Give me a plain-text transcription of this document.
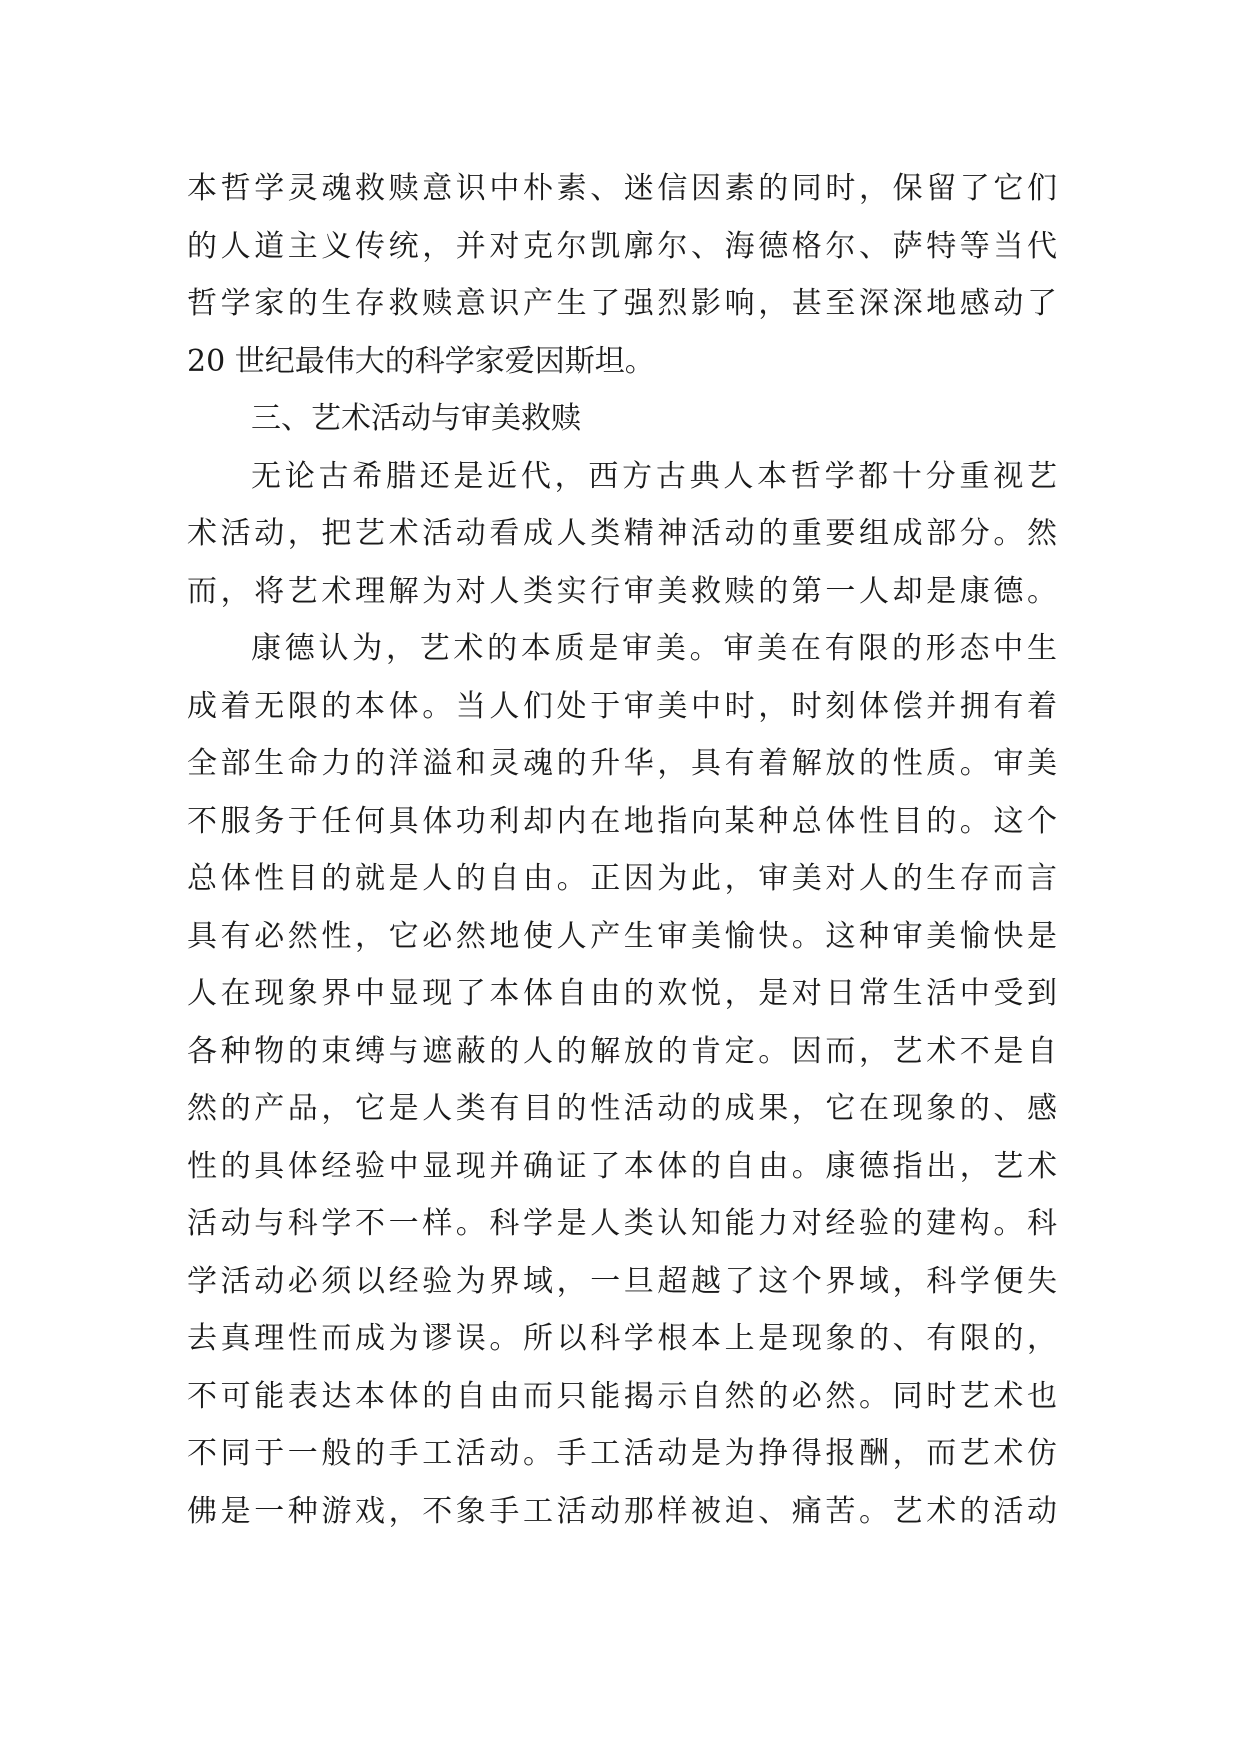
本哲学灵魂救赎意识中朴素、迷信因素的同时，保留了它们
的人道主义传统，并对克尔凯廓尔、海德格尔、萨特等当代
哲学家的生存救赎意识产生了强烈影响，甚至深深地感动了
20 世纪最伟大的科学家爱因斯坦。
三、艺术活动与审美救赎
无论古希腊还是近代，西方古典人本哲学都十分重视艺
术活动，把艺术活动看成人类精神活动的重要组成部分。然
而，将艺术理解为对人类实行审美救赎的第一人却是康德。
康德认为，艺术的本质是审美。审美在有限的形态中生
成着无限的本体。当人们处于审美中时，时刻体偿并拥有着
全部生命力的洋溢和灵魂的升华，具有着解放的性质。审美
不服务于任何具体功利却内在地指向某种总体性目的。这个
总体性目的就是人的自由。正因为此，审美对人的生存而言
具有必然性，它必然地使人产生审美愉快。这种审美愉快是
人在现象界中显现了本体自由的欢悦，是对日常生活中受到
各种物的束缚与遮蔽的人的解放的肯定。因而，艺术不是自
然的产品，它是人类有目的性活动的成果，它在现象的、感
性的具体经验中显现并确证了本体的自由。康德指出，艺术
活动与科学不一样。科学是人类认知能力对经验的建构。科
学活动必须以经验为界域，一旦超越了这个界域，科学便失
去真理性而成为谬误。所以科学根本上是现象的、有限的，
不可能表达本体的自由而只能揭示自然的必然。同时艺术也
不同于一般的手工活动。手工活动是为挣得报酬，而艺术仿
佛是一种游戏，不象手工活动那样被迫、痛苦。艺术的活动
